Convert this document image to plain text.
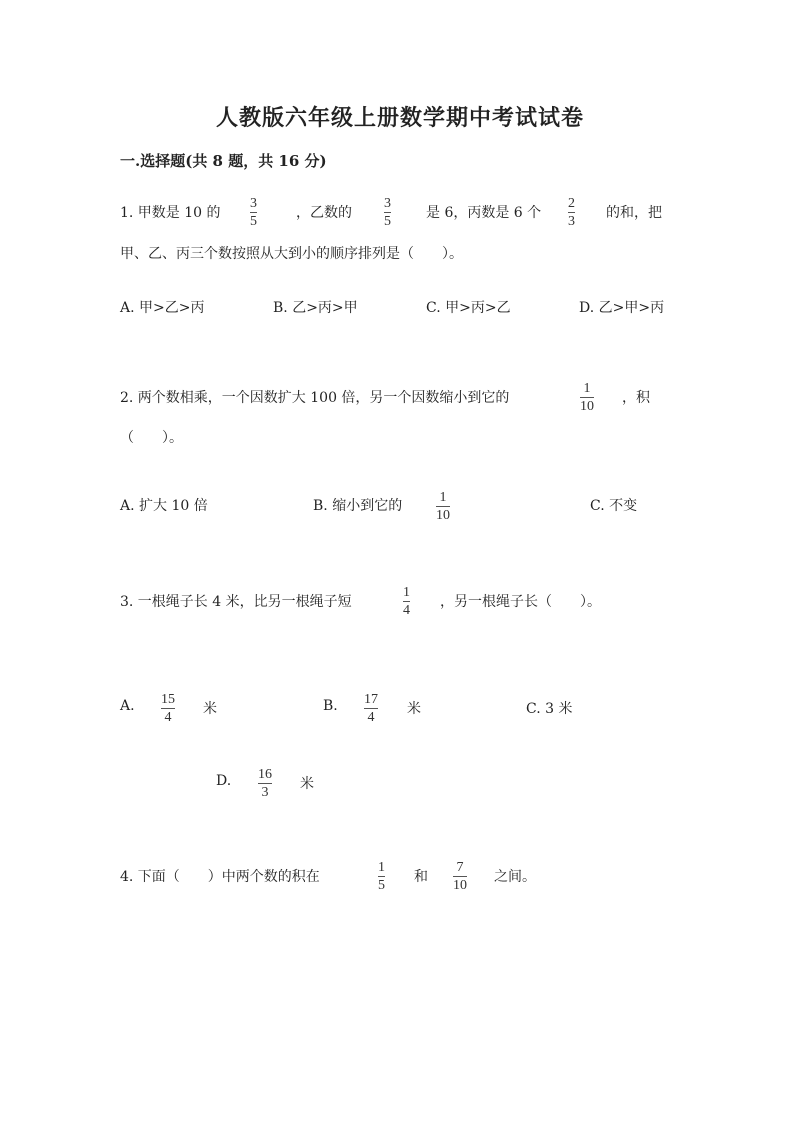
人教版六年级上册数学期中考试试卷
一.选择题(共 8 题，共 16 分)
1. 甲数是 10 的
3
5
，乙数的
3
5
是 6，丙数是 6 个
2
3
的和，把
甲、乙、丙三个数按照从大到小的顺序排列是（　　）。
A. 甲>乙>丙	B. 乙>丙>甲	C. 甲>丙>乙	D. 乙>甲>丙
2. 两个数相乘，一个因数扩大 100 倍，另一个因数缩小到它的
1
10
，积
（　　）。
A. 扩大 10 倍	B. 缩小到它的
1
10
C. 不变
3. 一根绳子长 4 米，比另一根绳子短
1
4
，另一根绳子长（　　）。
A. 15
4
米	B. 17
4
米	C. 3 米
D. 16
3
米
4. 下面（　　）中两个数的积在
1
5
和
7
10
之间。
